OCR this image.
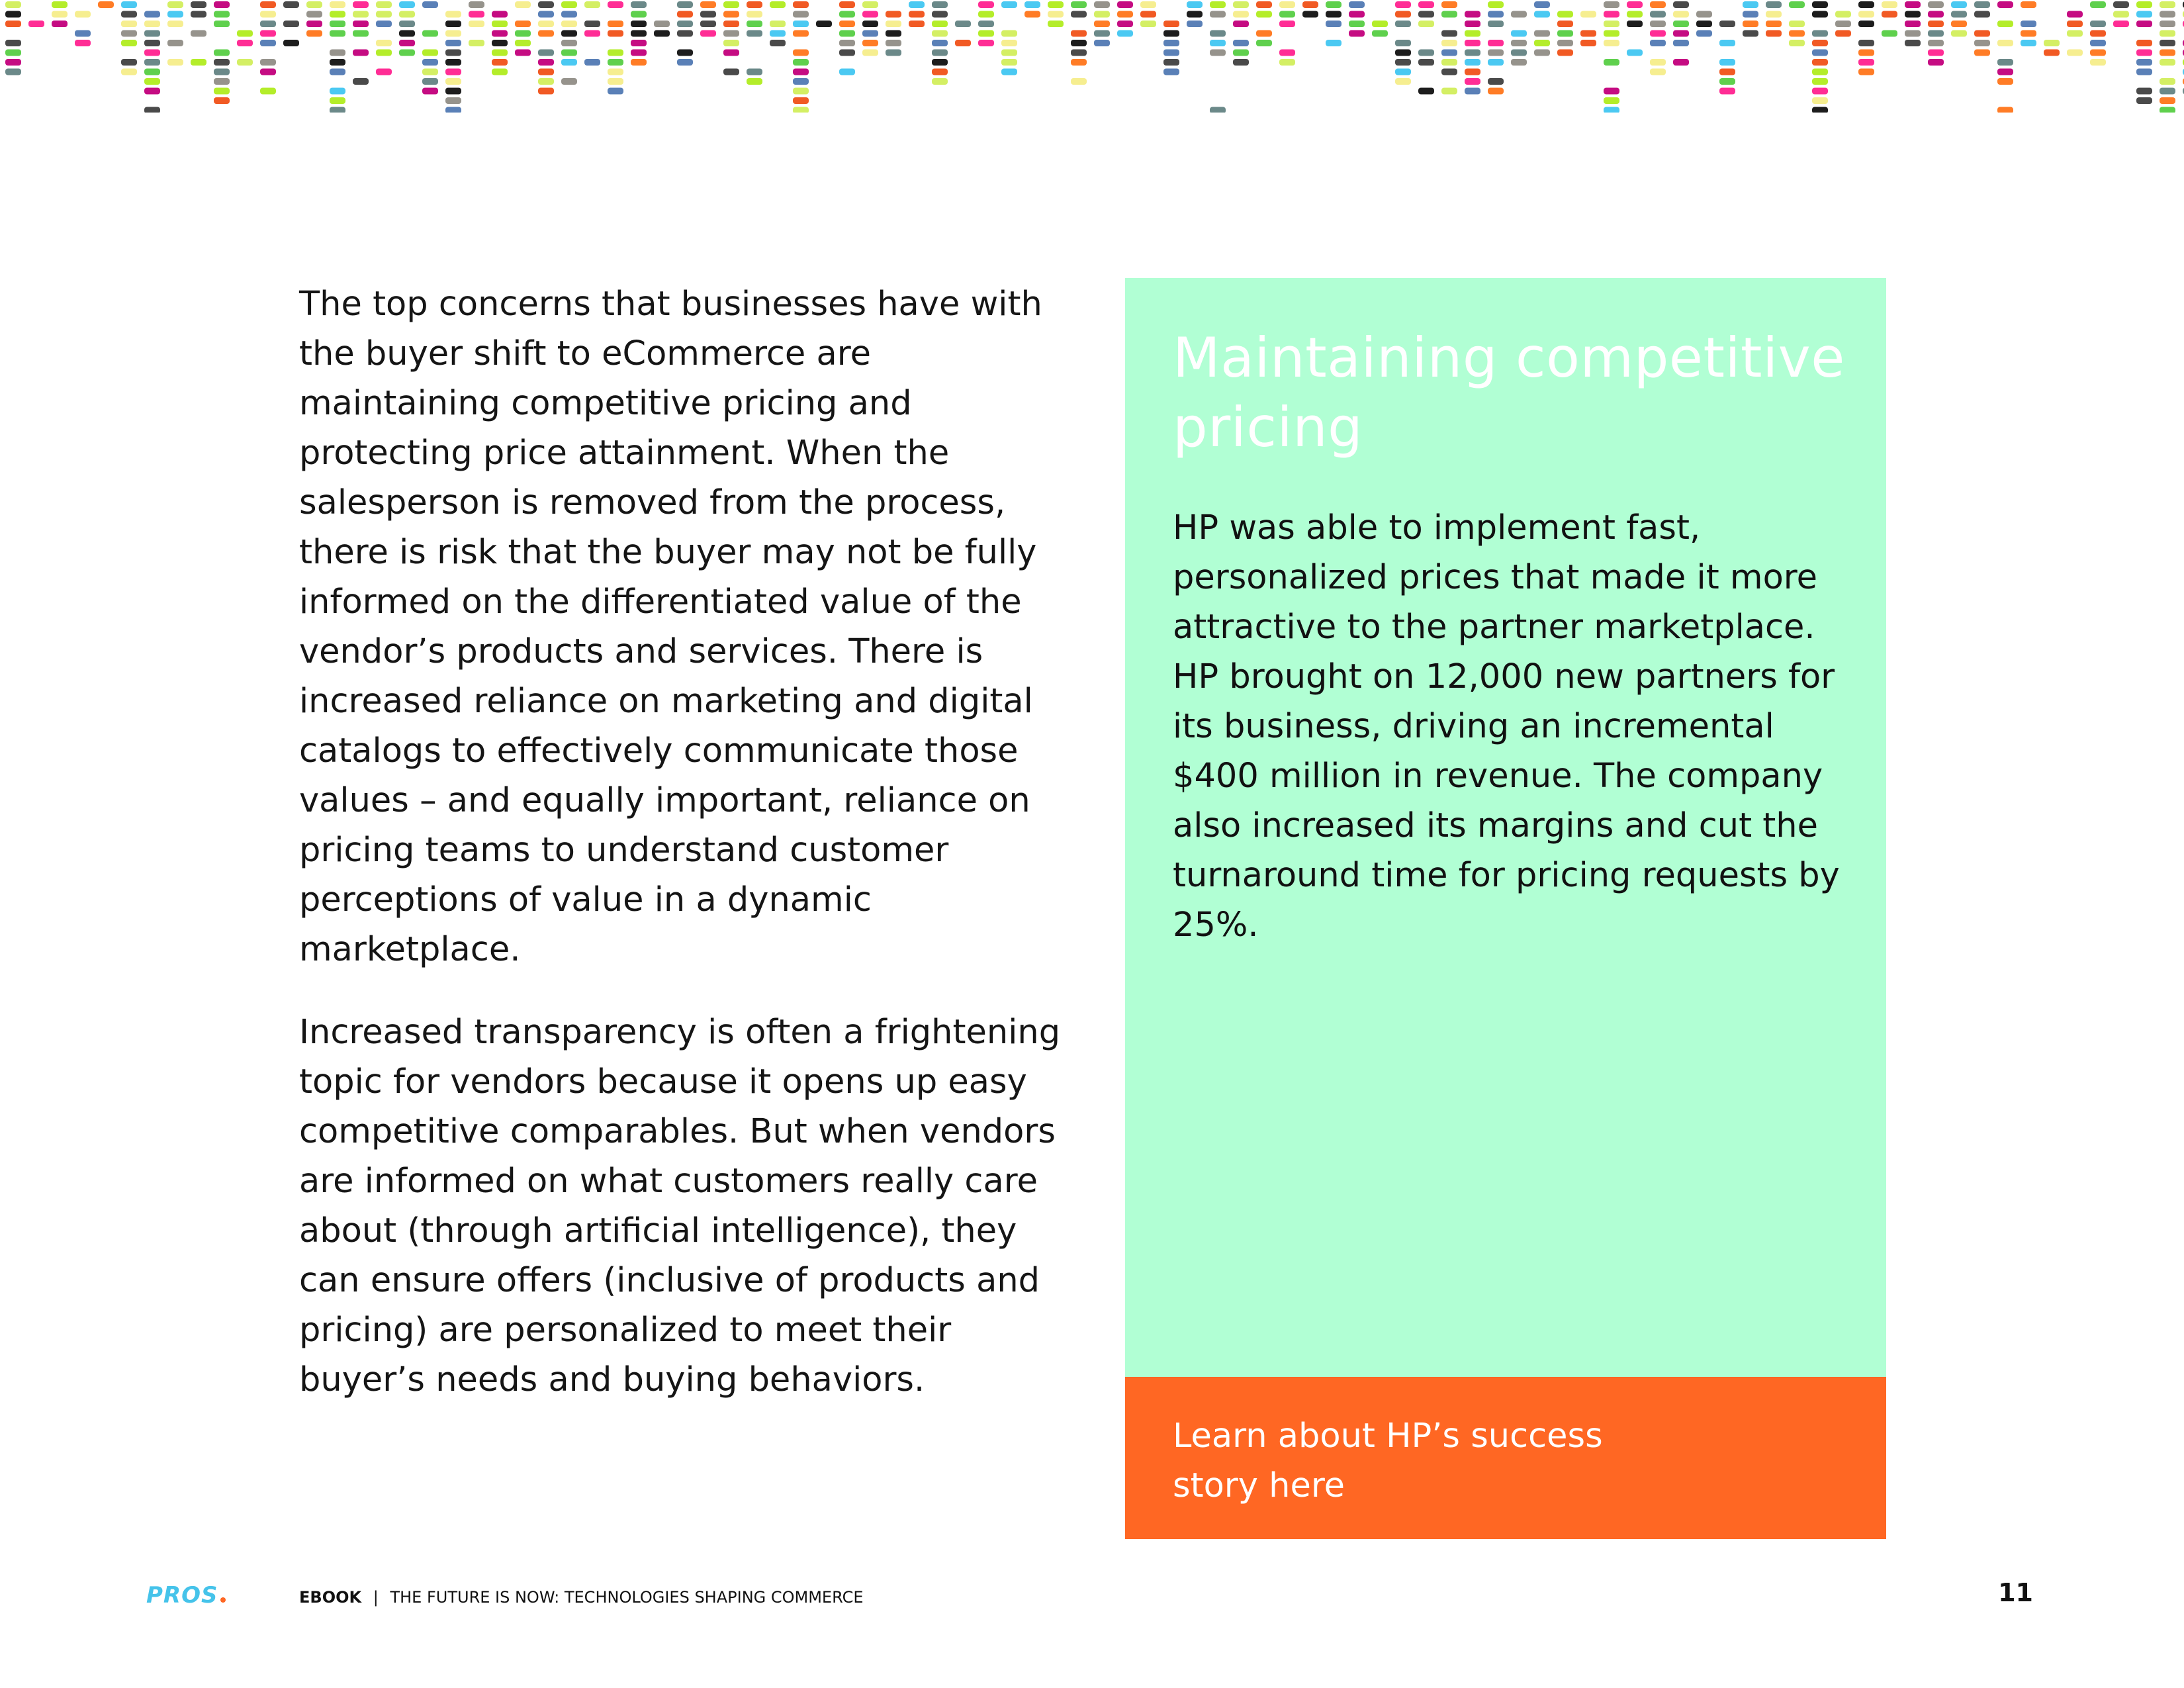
The top concerns that businesses have with the buyer shift to eCommerce are maintaining competitive pricing and protecting price attainment. When the salesperson is removed from the process, there is risk that the buyer may not be fully informed on the differentiated value of the vendor’s products and services. There is increased reliance on marketing and digital catalogs to effectively communicate those values – and equally important, reliance on pricing teams to understand customer perceptions of value in a dynamic marketplace.

Increased transparency is often a frightening topic for vendors because it opens up easy competitive comparables. But when vendors are informed on what customers really care about (through artificial intelligence), they can ensure offers (inclusive of products and pricing) are personalized to meet their buyer’s needs and buying behaviors.

Maintaining competitive pricing

HP was able to implement fast, personalized prices that made it more attractive to the partner marketplace. HP brought on 12,000 new partners for its business, driving an incremental $400 million in revenue. The company also increased its margins and cut the turnaround time for pricing requests by 25%.

Learn about HP’s success story here
PROS	EBOOK | THE FUTURE IS NOW: TECHNOLOGIES SHAPING COMMERCE	11
